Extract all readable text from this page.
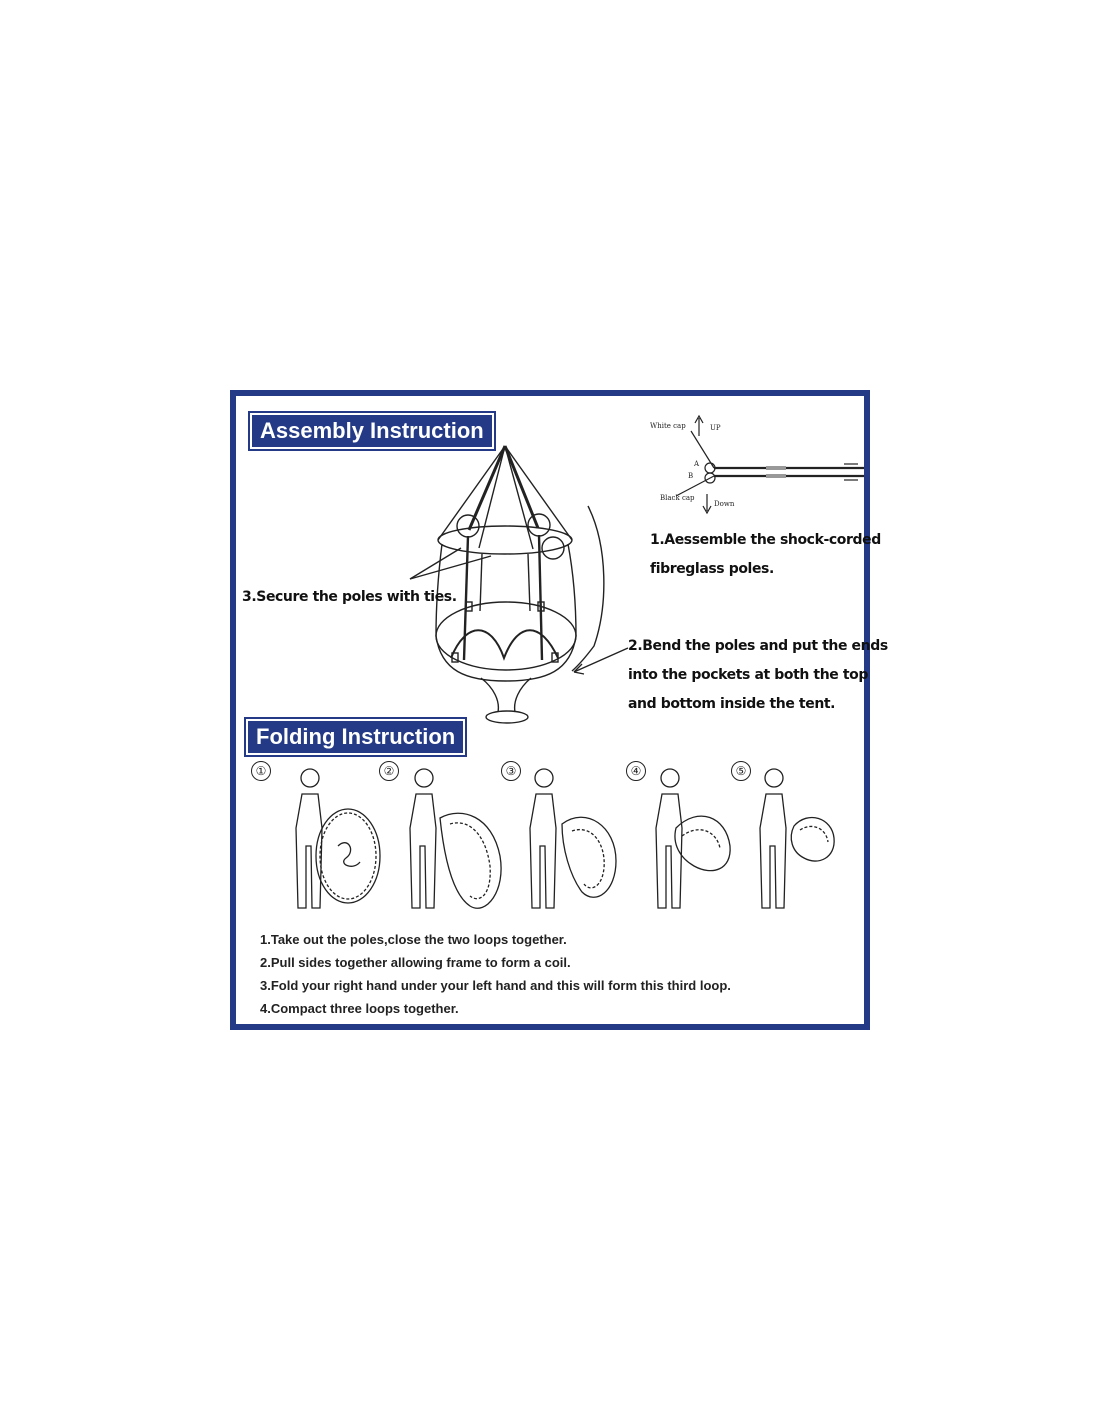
Assembly Instruction	White cap	UP
A
B
Black cap
Down
1.Aessemble the shock-corded
fibreglass poles.
3.Secure the poles with ties.
2.Bend the poles and put the ends
into the pockets at both the top
and bottom inside the tent.
Folding Instruction
①	②	③	④	⑤
1.Take out the poles,close the two loops together.
2.Pull sides together allowing frame to form a coil.
3.Fold your right hand under your left hand and this will form this third loop.
4.Compact three loops together.
